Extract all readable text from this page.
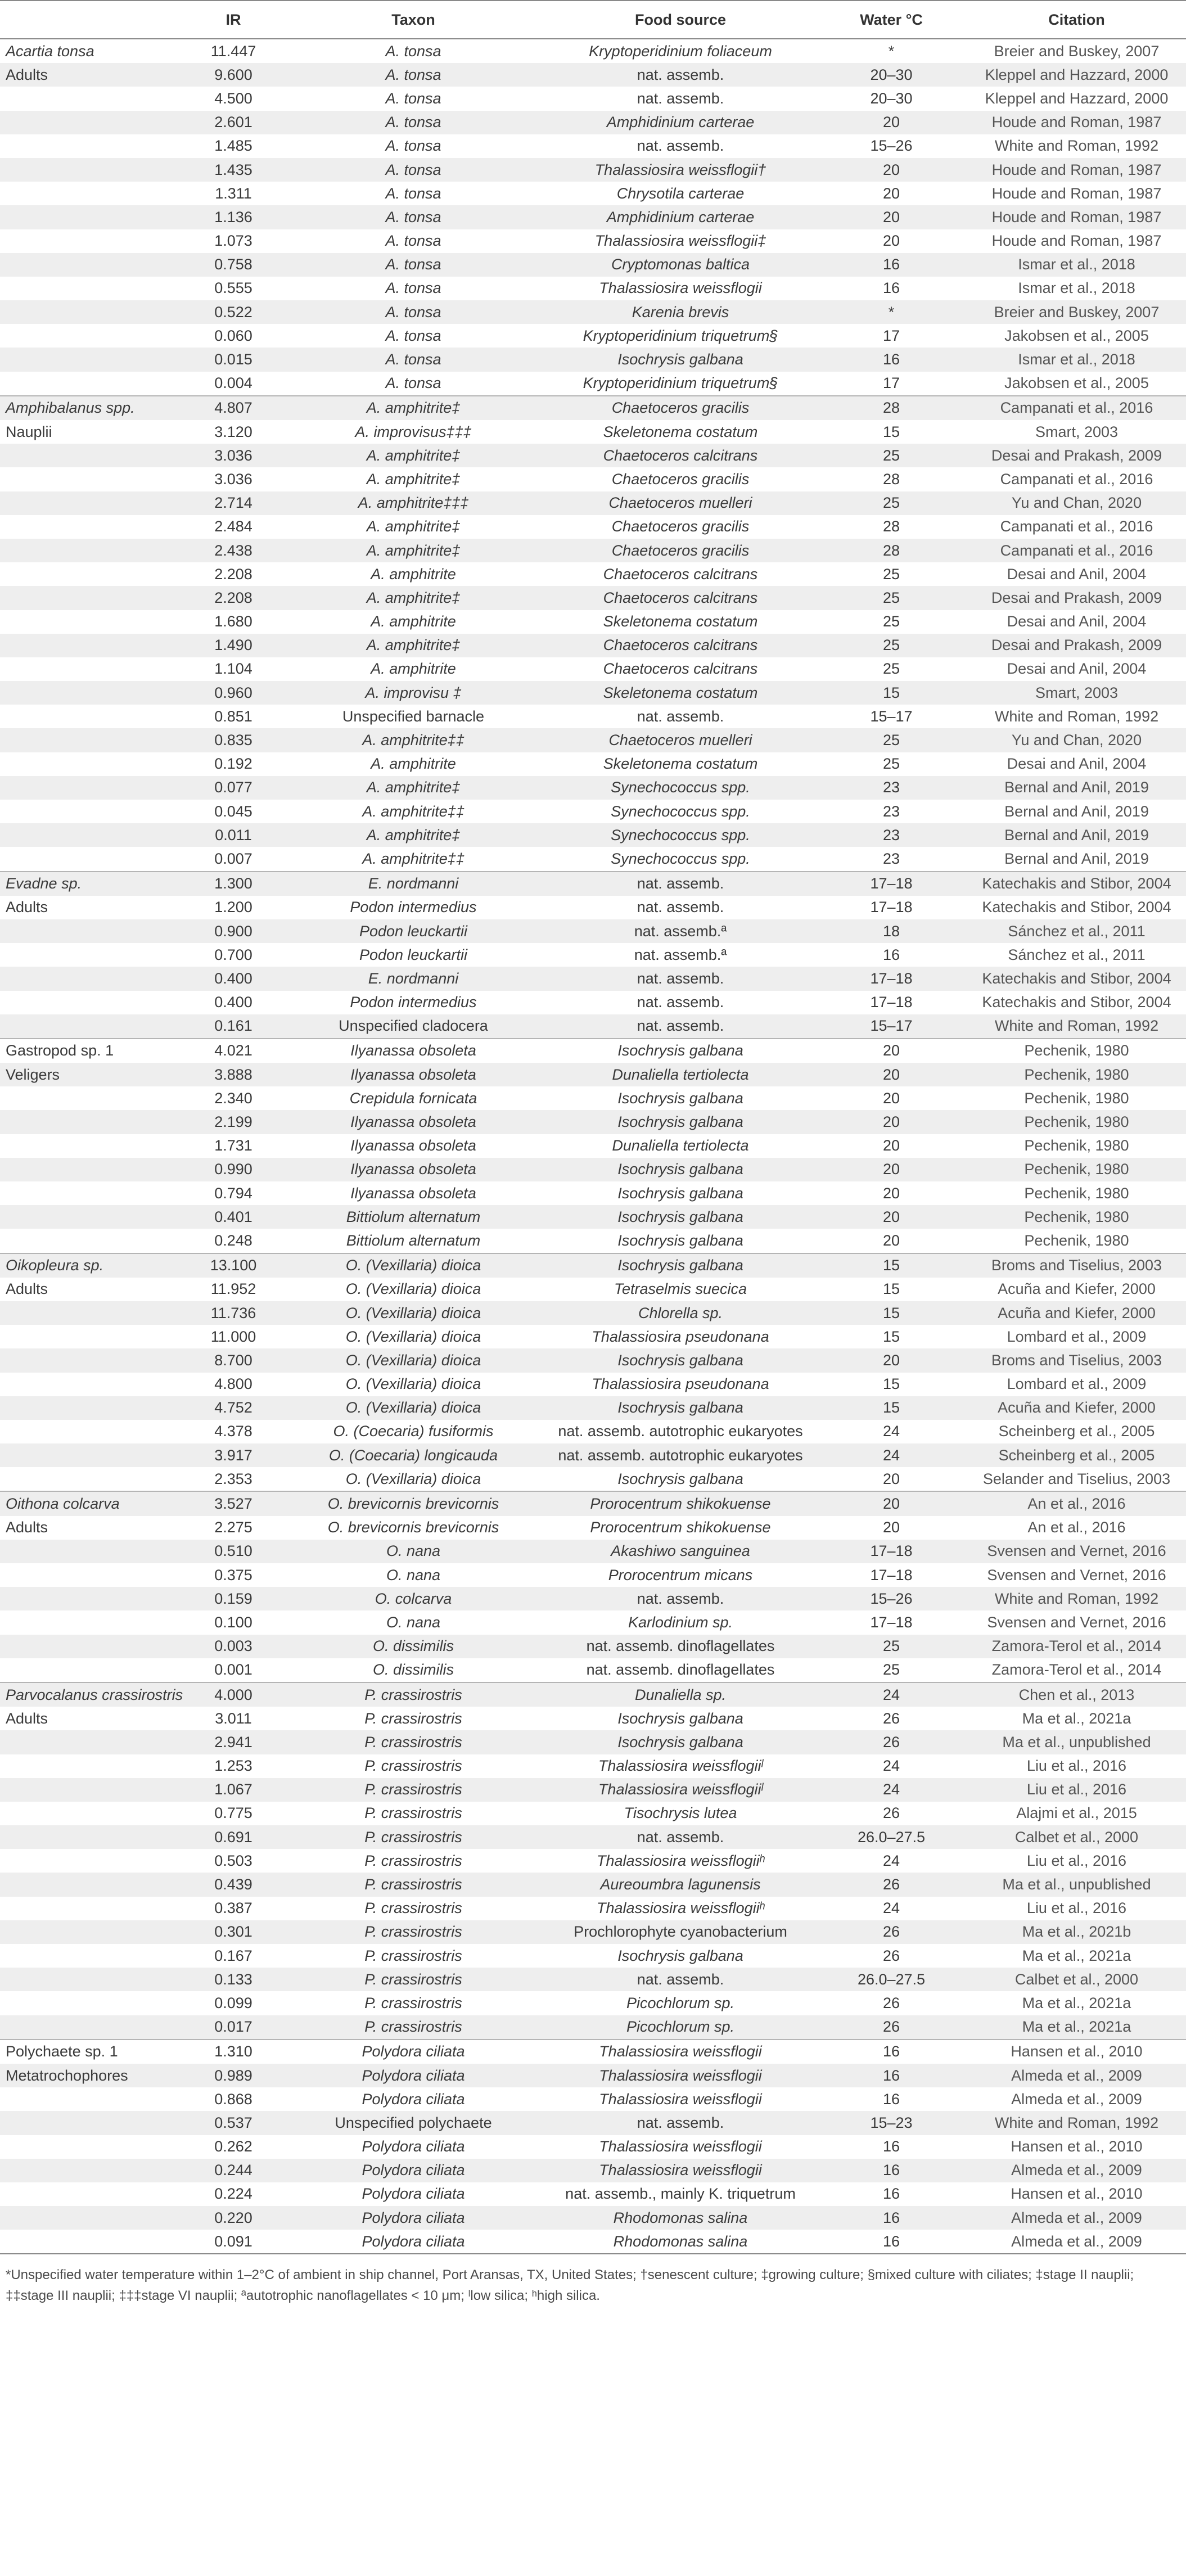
	IR	Taxon	Food source	Water °C	Citation
Acartia tonsa	11.447	A. tonsa	Kryptoperidinium foliaceum	*	Breier and Buskey, 2007
Adults	9.600	A. tonsa	nat. assemb.	20–30	Kleppel and Hazzard, 2000
	4.500	A. tonsa	nat. assemb.	20–30	Kleppel and Hazzard, 2000
	2.601	A. tonsa	Amphidinium carterae	20	Houde and Roman, 1987
	1.485	A. tonsa	nat. assemb.	15–26	White and Roman, 1992
	1.435	A. tonsa	Thalassiosira weissflogii†	20	Houde and Roman, 1987
	1.311	A. tonsa	Chrysotila carterae	20	Houde and Roman, 1987
	1.136	A. tonsa	Amphidinium carterae	20	Houde and Roman, 1987
	1.073	A. tonsa	Thalassiosira weissflogii‡	20	Houde and Roman, 1987
	0.758	A. tonsa	Cryptomonas baltica	16	Ismar et al., 2018
	0.555	A. tonsa	Thalassiosira weissflogii	16	Ismar et al., 2018
	0.522	A. tonsa	Karenia brevis	*	Breier and Buskey, 2007
	0.060	A. tonsa	Kryptoperidinium triquetrum§	17	Jakobsen et al., 2005
	0.015	A. tonsa	Isochrysis galbana	16	Ismar et al., 2018
	0.004	A. tonsa	Kryptoperidinium triquetrum§	17	Jakobsen et al., 2005
Amphibalanus spp.	4.807	A. amphitrite‡	Chaetoceros gracilis	28	Campanati et al., 2016
Nauplii	3.120	A. improvisus‡‡‡	Skeletonema costatum	15	Smart, 2003
	3.036	A. amphitrite‡	Chaetoceros calcitrans	25	Desai and Prakash, 2009
	3.036	A. amphitrite‡	Chaetoceros gracilis	28	Campanati et al., 2016
	2.714	A. amphitrite‡‡‡	Chaetoceros muelleri	25	Yu and Chan, 2020
	2.484	A. amphitrite‡	Chaetoceros gracilis	28	Campanati et al., 2016
	2.438	A. amphitrite‡	Chaetoceros gracilis	28	Campanati et al., 2016
	2.208	A. amphitrite	Chaetoceros calcitrans	25	Desai and Anil, 2004
	2.208	A. amphitrite‡	Chaetoceros calcitrans	25	Desai and Prakash, 2009
	1.680	A. amphitrite	Skeletonema costatum	25	Desai and Anil, 2004
	1.490	A. amphitrite‡	Chaetoceros calcitrans	25	Desai and Prakash, 2009
	1.104	A. amphitrite	Chaetoceros calcitrans	25	Desai and Anil, 2004
	0.960	A. improvisu ‡	Skeletonema costatum	15	Smart, 2003
	0.851	Unspecified barnacle	nat. assemb.	15–17	White and Roman, 1992
	0.835	A. amphitrite‡‡	Chaetoceros muelleri	25	Yu and Chan, 2020
	0.192	A. amphitrite	Skeletonema costatum	25	Desai and Anil, 2004
	0.077	A. amphitrite‡	Synechococcus spp.	23	Bernal and Anil, 2019
	0.045	A. amphitrite‡‡	Synechococcus spp.	23	Bernal and Anil, 2019
	0.011	A. amphitrite‡	Synechococcus spp.	23	Bernal and Anil, 2019
	0.007	A. amphitrite‡‡	Synechococcus spp.	23	Bernal and Anil, 2019
Evadne sp.	1.300	E. nordmanni	nat. assemb.	17–18	Katechakis and Stibor, 2004
Adults	1.200	Podon intermedius	nat. assemb.	17–18	Katechakis and Stibor, 2004
	0.900	Podon leuckartii	nat. assemb.ª	18	Sánchez et al., 2011
	0.700	Podon leuckartii	nat. assemb.ª	16	Sánchez et al., 2011
	0.400	E. nordmanni	nat. assemb.	17–18	Katechakis and Stibor, 2004
	0.400	Podon intermedius	nat. assemb.	17–18	Katechakis and Stibor, 2004
	0.161	Unspecified cladocera	nat. assemb.	15–17	White and Roman, 1992
Gastropod sp. 1	4.021	Ilyanassa obsoleta	Isochrysis galbana	20	Pechenik, 1980
Veligers	3.888	Ilyanassa obsoleta	Dunaliella tertiolecta	20	Pechenik, 1980
	2.340	Crepidula fornicata	Isochrysis galbana	20	Pechenik, 1980
	2.199	Ilyanassa obsoleta	Isochrysis galbana	20	Pechenik, 1980
	1.731	Ilyanassa obsoleta	Dunaliella tertiolecta	20	Pechenik, 1980
	0.990	Ilyanassa obsoleta	Isochrysis galbana	20	Pechenik, 1980
	0.794	Ilyanassa obsoleta	Isochrysis galbana	20	Pechenik, 1980
	0.401	Bittiolum alternatum	Isochrysis galbana	20	Pechenik, 1980
	0.248	Bittiolum alternatum	Isochrysis galbana	20	Pechenik, 1980
Oikopleura sp.	13.100	O. (Vexillaria) dioica	Isochrysis galbana	15	Broms and Tiselius, 2003
Adults	11.952	O. (Vexillaria) dioica	Tetraselmis suecica	15	Acuña and Kiefer, 2000
	11.736	O. (Vexillaria) dioica	Chlorella sp.	15	Acuña and Kiefer, 2000
	11.000	O. (Vexillaria) dioica	Thalassiosira pseudonana	15	Lombard et al., 2009
	8.700	O. (Vexillaria) dioica	Isochrysis galbana	20	Broms and Tiselius, 2003
	4.800	O. (Vexillaria) dioica	Thalassiosira pseudonana	15	Lombard et al., 2009
	4.752	O. (Vexillaria) dioica	Isochrysis galbana	15	Acuña and Kiefer, 2000
	4.378	O. (Coecaria) fusiformis	nat. assemb. autotrophic eukaryotes	24	Scheinberg et al., 2005
	3.917	O. (Coecaria) longicauda	nat. assemb. autotrophic eukaryotes	24	Scheinberg et al., 2005
	2.353	O. (Vexillaria) dioica	Isochrysis galbana	20	Selander and Tiselius, 2003
Oithona colcarva	3.527	O. brevicornis brevicornis	Prorocentrum shikokuense	20	An et al., 2016
Adults	2.275	O. brevicornis brevicornis	Prorocentrum shikokuense	20	An et al., 2016
	0.510	O. nana	Akashiwo sanguinea	17–18	Svensen and Vernet, 2016
	0.375	O. nana	Prorocentrum micans	17–18	Svensen and Vernet, 2016
	0.159	O. colcarva	nat. assemb.	15–26	White and Roman, 1992
	0.100	O. nana	Karlodinium sp.	17–18	Svensen and Vernet, 2016
	0.003	O. dissimilis	nat. assemb. dinoflagellates	25	Zamora-Terol et al., 2014
	0.001	O. dissimilis	nat. assemb. dinoflagellates	25	Zamora-Terol et al., 2014
Parvocalanus crassirostris	4.000	P. crassirostris	Dunaliella sp.	24	Chen et al., 2013
Adults	3.011	P. crassirostris	Isochrysis galbana	26	Ma et al., 2021a
	2.941	P. crassirostris	Isochrysis galbana	26	Ma et al., unpublished
	1.253	P. crassirostris	Thalassiosira weissflogiiˡ	24	Liu et al., 2016
	1.067	P. crassirostris	Thalassiosira weissflogiiˡ	24	Liu et al., 2016
	0.775	P. crassirostris	Tisochrysis lutea	26	Alajmi et al., 2015
	0.691	P. crassirostris	nat. assemb.	26.0–27.5	Calbet et al., 2000
	0.503	P. crassirostris	Thalassiosira weissflogiiʰ	24	Liu et al., 2016
	0.439	P. crassirostris	Aureoumbra lagunensis	26	Ma et al., unpublished
	0.387	P. crassirostris	Thalassiosira weissflogiiʰ	24	Liu et al., 2016
	0.301	P. crassirostris	Prochlorophyte cyanobacterium	26	Ma et al., 2021b
	0.167	P. crassirostris	Isochrysis galbana	26	Ma et al., 2021a
	0.133	P. crassirostris	nat. assemb.	26.0–27.5	Calbet et al., 2000
	0.099	P. crassirostris	Picochlorum sp.	26	Ma et al., 2021a
	0.017	P. crassirostris	Picochlorum sp.	26	Ma et al., 2021a
Polychaete sp. 1	1.310	Polydora ciliata	Thalassiosira weissflogii	16	Hansen et al., 2010
Metatrochophores	0.989	Polydora ciliata	Thalassiosira weissflogii	16	Almeda et al., 2009
	0.868	Polydora ciliata	Thalassiosira weissflogii	16	Almeda et al., 2009
	0.537	Unspecified polychaete	nat. assemb.	15–23	White and Roman, 1992
	0.262	Polydora ciliata	Thalassiosira weissflogii	16	Hansen et al., 2010
	0.244	Polydora ciliata	Thalassiosira weissflogii	16	Almeda et al., 2009
	0.224	Polydora ciliata	nat. assemb., mainly K. triquetrum	16	Hansen et al., 2010
	0.220	Polydora ciliata	Rhodomonas salina	16	Almeda et al., 2009
	0.091	Polydora ciliata	Rhodomonas salina	16	Almeda et al., 2009
*Unspecified water temperature within 1–2°C of ambient in ship channel, Port Aransas, TX, United States; †senescent culture; ‡growing culture; §mixed culture with ciliates; ‡stage II nauplii; ‡‡stage III nauplii; ‡‡‡stage VI nauplii; ªautotrophic nanoflagellates < 10 μm; ˡlow silica; ʰhigh silica.
